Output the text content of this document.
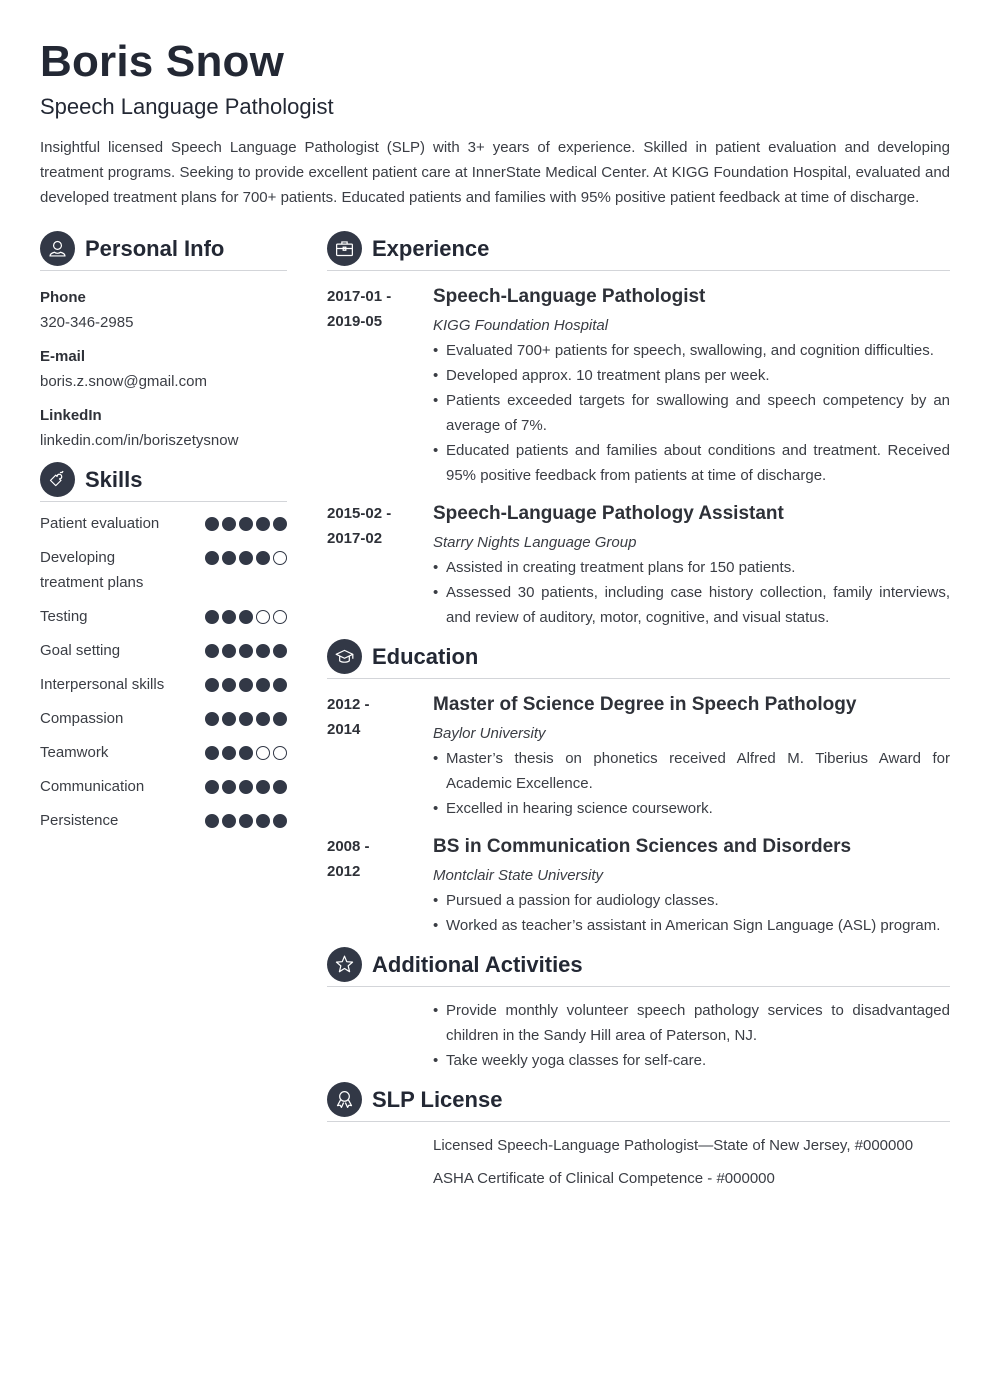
Boris Snow
Speech Language Pathologist

Insightful licensed Speech Language Pathologist (SLP) with 3+ years of experience. Skilled in patient evaluation and developing treatment programs. Seeking to provide excellent patient care at InnerState Medical Center. At KIGG Foundation Hospital, evaluated and developed treatment plans for 700+ patients. Educated patients and families with 95% positive patient feedback at time of discharge.

Personal Info
Phone
320-346-2985
E-mail
boris.z.snow@gmail.com
LinkedIn
linkedin.com/in/boriszetysnow
Skills
Patient evaluation
Developing treatment plans
Testing
Goal setting
Interpersonal skills
Compassion
Teamwork
Communication
Persistence
Experience
2017-01 -
2019-05
Speech-Language Pathologist
KIGG Foundation Hospital
• Evaluated 700+ patients for speech, swallowing, and cognition difficulties.
• Developed approx. 10 treatment plans per week.
• Patients exceeded targets for swallowing and speech competency by an average of 7%.
• Educated patients and families about conditions and treatment. Received 95% positive feedback from patients at time of discharge.
2015-02 -
2017-02
Speech-Language Pathology Assistant
Starry Nights Language Group
• Assisted in creating treatment plans for 150 patients.
• Assessed 30 patients, including case history collection, family interviews, and review of auditory, motor, cognitive, and visual status.
Education
2012 -
2014
Master of Science Degree in Speech Pathology
Baylor University
• Master’s thesis on phonetics received Alfred M. Tiberius Award for Academic Excellence.
• Excelled in hearing science coursework.
2008 -
2012
BS in Communication Sciences and Disorders
Montclair State University
• Pursued a passion for audiology classes.
• Worked as teacher’s assistant in American Sign Language (ASL) program.
Additional Activities
• Provide monthly volunteer speech pathology services to disadvantaged children in the Sandy Hill area of Paterson, NJ.
• Take weekly yoga classes for self-care.
SLP License
Licensed Speech-Language Pathologist—State of New Jersey, #000000
ASHA Certificate of Clinical Competence - #000000
